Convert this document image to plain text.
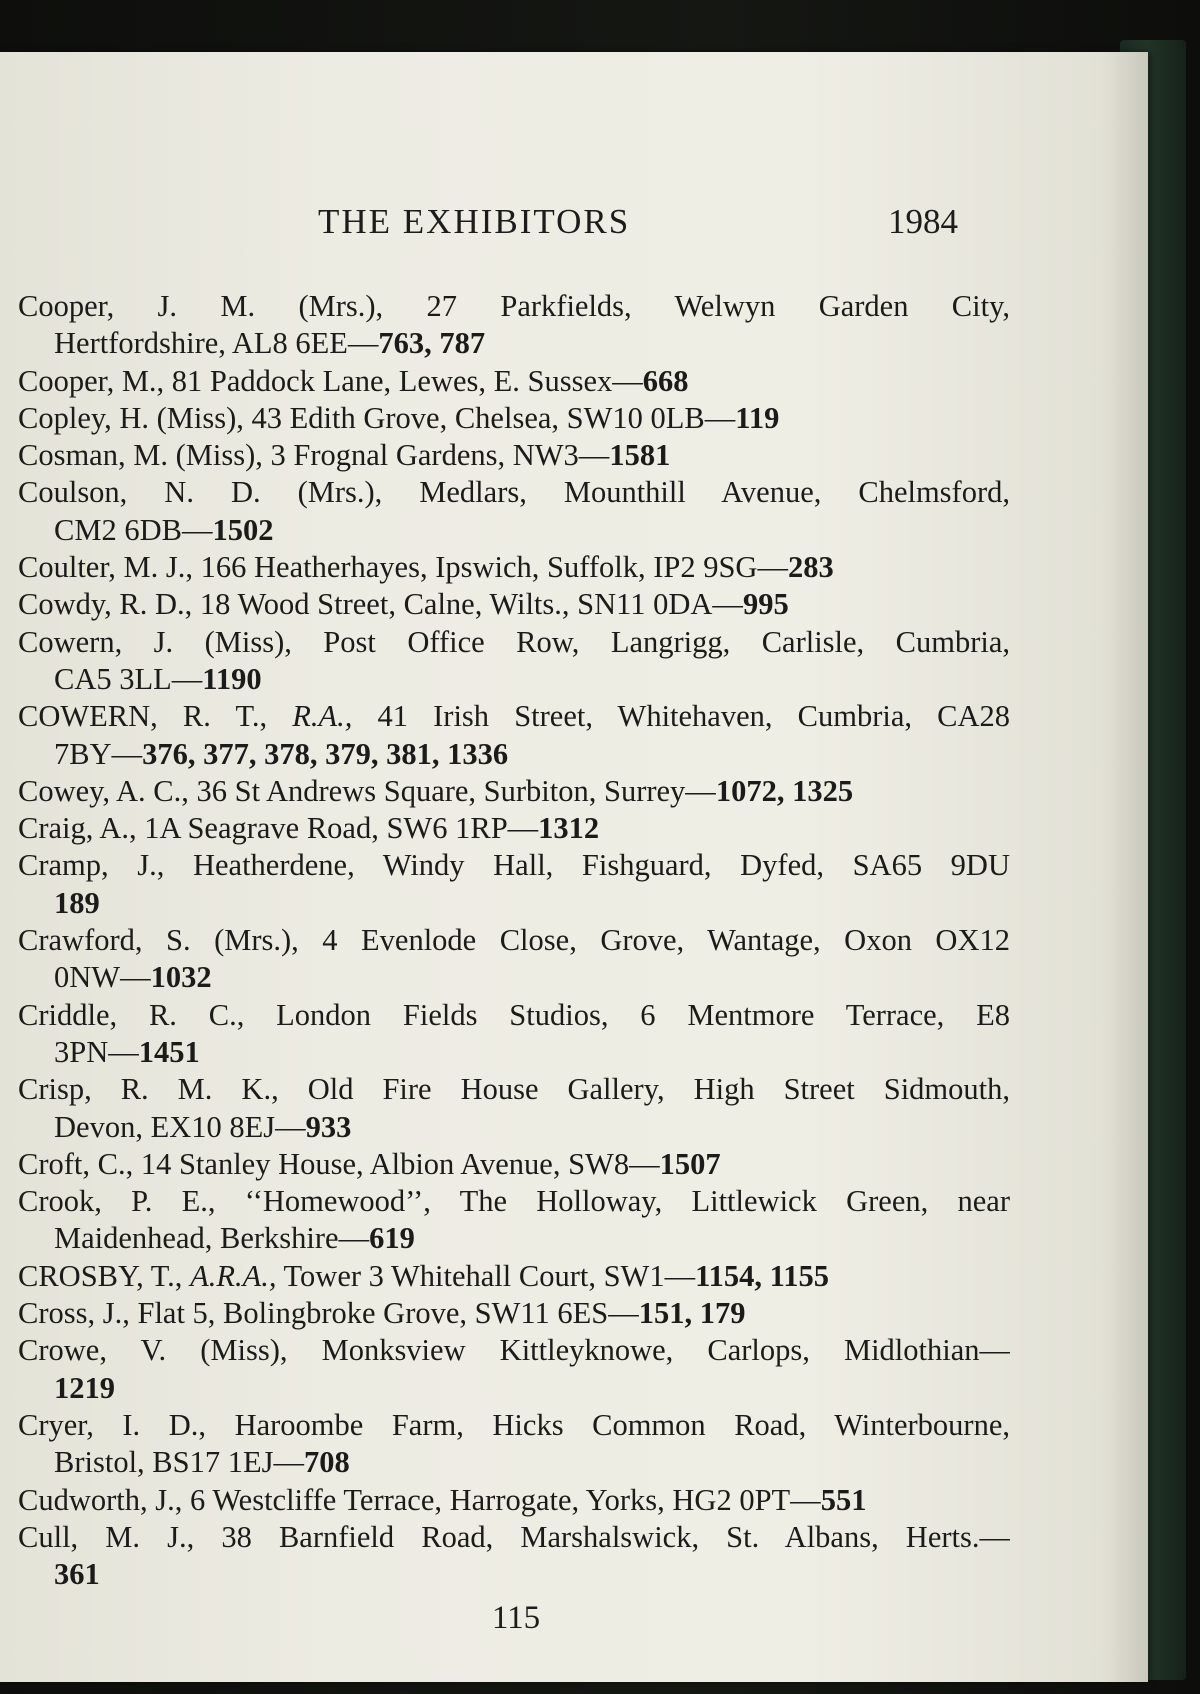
THE EXHIBITORS	1984
Cooper, J. M. (Mrs.), 27 Parkfields, Welwyn Garden City,
Hertfordshire, AL8 6EE—763, 787
Cooper, M., 81 Paddock Lane, Lewes, E. Sussex—668
Copley, H. (Miss), 43 Edith Grove, Chelsea, SW10 0LB—119
Cosman, M. (Miss), 3 Frognal Gardens, NW3—1581
Coulson, N. D. (Mrs.), Medlars, Mounthill Avenue, Chelmsford,
CM2 6DB—1502
Coulter, M. J., 166 Heatherhayes, Ipswich, Suffolk, IP2 9SG—283
Cowdy, R. D., 18 Wood Street, Calne, Wilts., SN11 0DA—995
Cowern, J. (Miss), Post Office Row, Langrigg, Carlisle, Cumbria,
CA5 3LL—1190
COWERN, R. T., R.A., 41 Irish Street, Whitehaven, Cumbria, CA28
7BY—376, 377, 378, 379, 381, 1336
Cowey, A. C., 36 St Andrews Square, Surbiton, Surrey—1072, 1325
Craig, A., 1A Seagrave Road, SW6 1RP—1312
Cramp, J., Heatherdene, Windy Hall, Fishguard, Dyfed, SA65 9DU
189
Crawford, S. (Mrs.), 4 Evenlode Close, Grove, Wantage, Oxon OX12
0NW—1032
Criddle, R. C., London Fields Studios, 6 Mentmore Terrace, E8
3PN—1451
Crisp, R. M. K., Old Fire House Gallery, High Street Sidmouth,
Devon, EX10 8EJ—933
Croft, C., 14 Stanley House, Albion Avenue, SW8—1507
Crook, P. E., ‘‘Homewood’’, The Holloway, Littlewick Green, near
Maidenhead, Berkshire—619
CROSBY, T., A.R.A., Tower 3 Whitehall Court, SW1—1154, 1155
Cross, J., Flat 5, Bolingbroke Grove, SW11 6ES—151, 179
Crowe, V. (Miss), Monksview Kittleyknowe, Carlops, Midlothian—
1219
Cryer, I. D., Haroombe Farm, Hicks Common Road, Winterbourne,
Bristol, BS17 1EJ—708
Cudworth, J., 6 Westcliffe Terrace, Harrogate, Yorks, HG2 0PT—551
Cull, M. J., 38 Barnfield Road, Marshalswick, St. Albans, Herts.—
361
115
